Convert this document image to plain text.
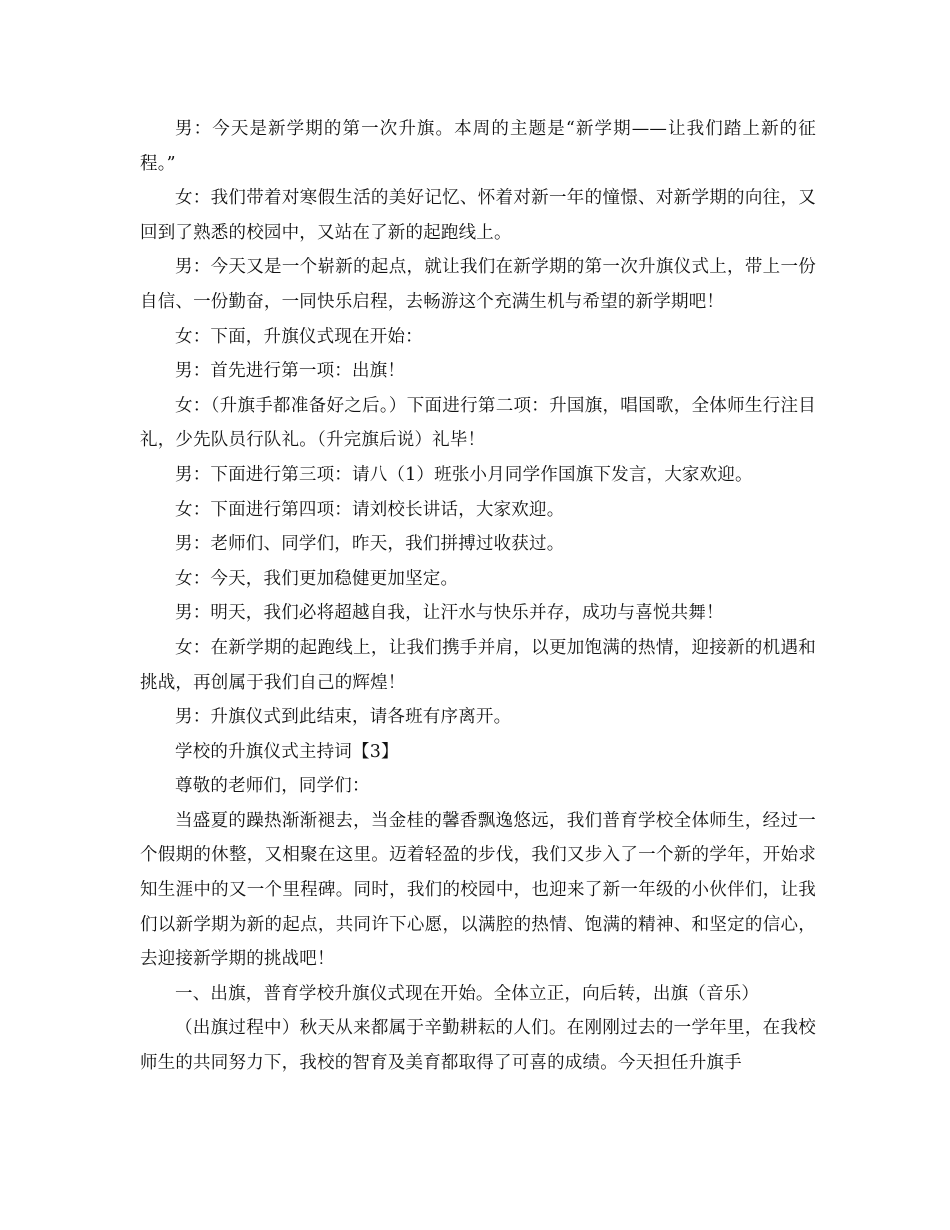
男：今天是新学期的第一次升旗。本周的主题是“新学期——让我们踏上新的征程。”

女：我们带着对寒假生活的美好记忆、怀着对新一年的憧憬、对新学期的向往，又回到了熟悉的校园中，又站在了新的起跑线上。

男：今天又是一个崭新的起点，就让我们在新学期的第一次升旗仪式上，带上一份自信、一份勤奋，一同快乐启程，去畅游这个充满生机与希望的新学期吧！

女：下面，升旗仪式现在开始：

男：首先进行第一项：出旗！

女：（升旗手都准备好之后。）下面进行第二项：升国旗，唱国歌，全体师生行注目礼，少先队员行队礼。（升完旗后说）礼毕！

男：下面进行第三项：请八（1）班张小月同学作国旗下发言，大家欢迎。

女：下面进行第四项：请刘校长讲话，大家欢迎。

男：老师们、同学们，昨天，我们拼搏过收获过。

女：今天，我们更加稳健更加坚定。

男：明天，我们必将超越自我，让汗水与快乐并存，成功与喜悦共舞！

女：在新学期的起跑线上，让我们携手并肩，以更加饱满的热情，迎接新的机遇和挑战，再创属于我们自己的辉煌！

男：升旗仪式到此结束，请各班有序离开。

学校的升旗仪式主持词【3】

尊敬的老师们，同学们：

当盛夏的躁热渐渐褪去，当金桂的馨香飘逸悠远，我们普育学校全体师生，经过一个假期的休整，又相聚在这里。迈着轻盈的步伐，我们又步入了一个新的学年，开始求知生涯中的又一个里程碑。同时，我们的校园中，也迎来了新一年级的小伙伴们，让我们以新学期为新的起点，共同许下心愿，以满腔的热情、饱满的精神、和坚定的信心，去迎接新学期的挑战吧！

一、出旗，普育学校升旗仪式现在开始。全体立正，向后转，出旗（音乐）

（出旗过程中）秋天从来都属于辛勤耕耘的人们。在刚刚过去的一学年里，在我校师生的共同努力下，我校的智育及美育都取得了可喜的成绩。今天担任升旗手
